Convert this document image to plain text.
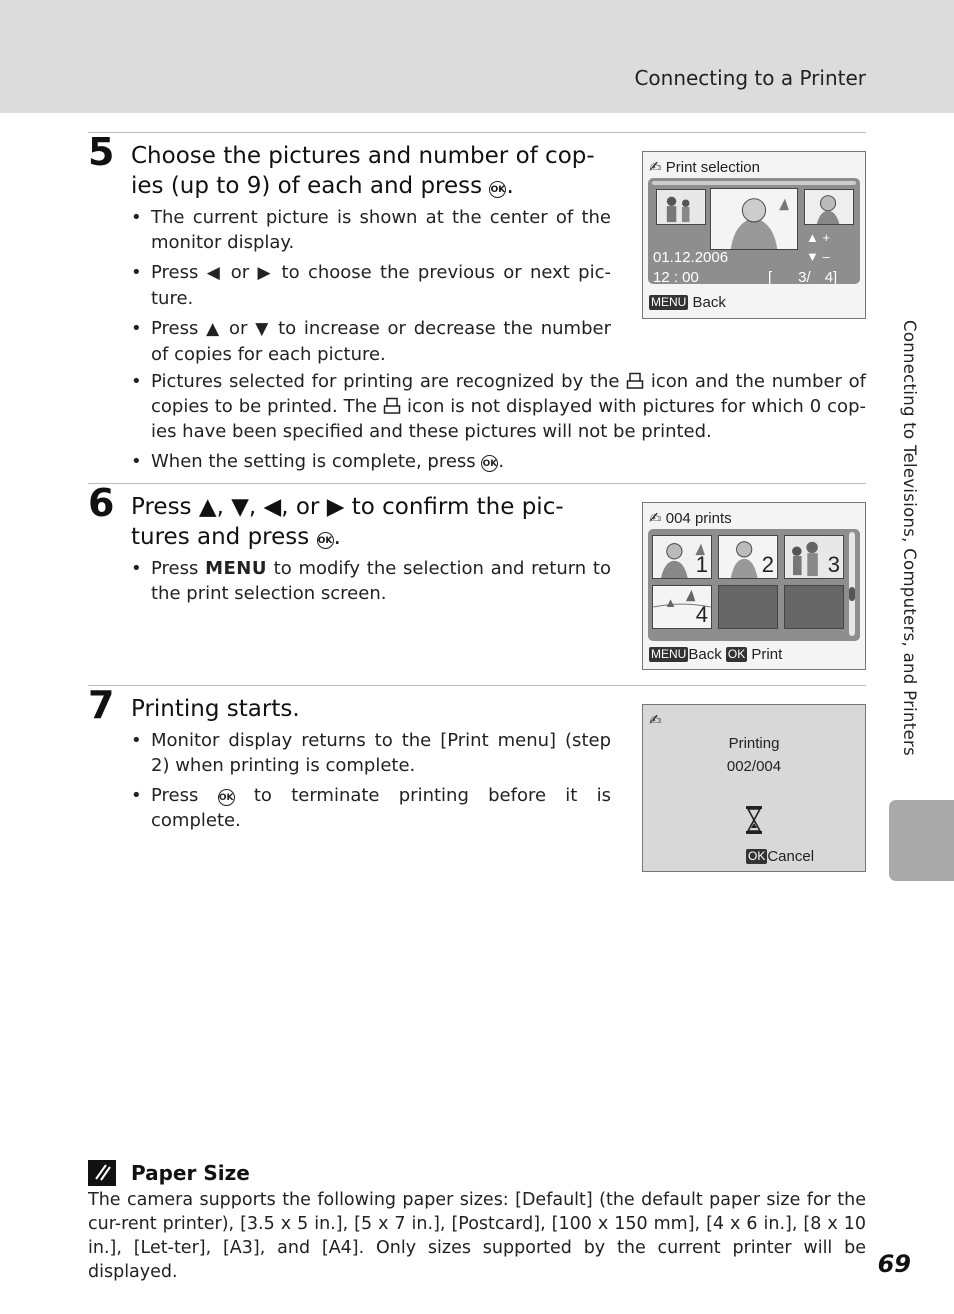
Connecting to a Printer
Connecting to Televisions, Computers, and Printers
5 Choose the pictures and number of cop-
ies (up to 9) of each and press OK.
• The current picture is shown at the center of the monitor display.
• Press ◀ or ▶ to choose the previous or next pic-ture.
• Press ▲ or ▼ to increase or decrease the number of copies for each picture.
• Pictures selected for printing are recognized by the icon and the number of copies to be printed. The icon is not displayed with pictures for which 0 cop-ies have been specified and these pictures will not be printed.
• When the setting is complete, press OK.
✍ Print selection
01.12.2006
12 : 00
▲ +
▼ –
[ 3/ 4]
MENU Back
6 Press ▲, ▼, ◀, or ▶ to confirm the pic-
tures and press OK.
• Press MENU to modify the selection and return to the print selection screen.
✍ 004 prints
1 2 3
4
MENU Back OK Print
7 Printing starts.
• Monitor display returns to the [Print menu] (step 2) when printing is complete.
• Press OK to terminate printing before it is complete.
✍
Printing
002/004
OK Cancel
Paper Size
The camera supports the following paper sizes: [Default] (the default paper size for the cur-rent printer), [3.5 x 5 in.], [5 x 7 in.], [Postcard], [100 x 150 mm], [4 x 6 in.], [8 x 10 in.], [Let-ter], [A3], and [A4]. Only sizes supported by the current printer will be displayed.	69
